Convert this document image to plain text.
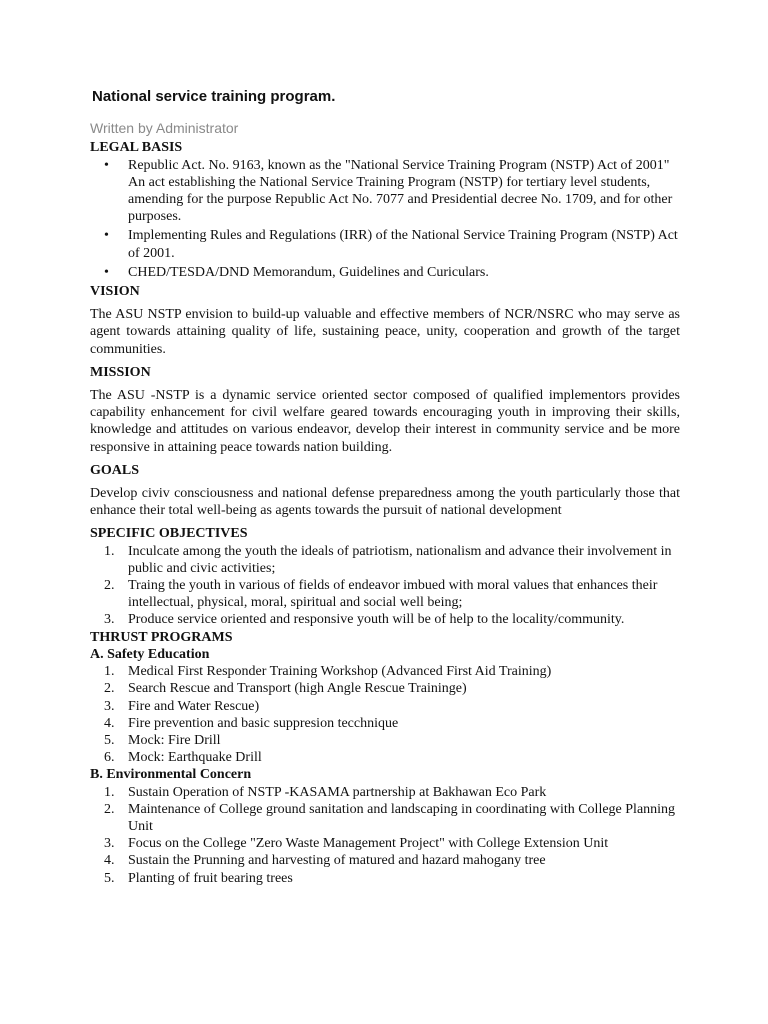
National service training program.
Written by Administrator
LEGAL BASIS
• Republic Act. No. 9163, known as the "National Service Training Program (NSTP) Act of 2001" An act establishing the National Service Training Program (NSTP) for tertiary level students, amending for the purpose Republic Act No. 7077 and Presidential decree No. 1709, and for other purposes.
• Implementing Rules and Regulations (IRR) of the National Service Training Program (NSTP) Act of 2001.
• CHED/TESDA/DND Memorandum, Guidelines and Curiculars.
VISION

The ASU NSTP envision to build-up valuable and effective members of NCR/NSRC who may serve as agent towards attaining quality of life, sustaining peace, unity, cooperation and growth of the target communities.

MISSION

The ASU -NSTP is a dynamic service oriented sector composed of qualified implementors provides capability enhancement for civil welfare geared towards encouraging youth in improving their skills, knowledge and attitudes on various endeavor, develop their interest in community service and be more responsive in attaining peace towards nation building.

GOALS

Develop civiv consciousness and national defense preparedness among the youth particularly those that enhance their total well-being as agents towards the pursuit of national development

SPECIFIC OBJECTIVES
1. Inculcate among the youth the ideals of patriotism, nationalism and advance their involvement in public and civic activities;
2. Traing the youth in various of fields of endeavor imbued with moral values that enhances their intellectual, physical, moral, spiritual and social well being;
3. Produce service oriented and responsive youth will be of help to the locality/community.
THRUST PROGRAMS
A. Safety Education
1. Medical First Responder Training Workshop (Advanced First Aid Training)
2. Search Rescue and Transport (high Angle Rescue Traininge)
3. Fire and Water Rescue)
4. Fire prevention and basic suppresion tecchnique
5. Mock: Fire Drill
6. Mock: Earthquake Drill
B. Environmental Concern
1. Sustain Operation of NSTP -KASAMA partnership at Bakhawan Eco Park
2. Maintenance of College ground sanitation and landscaping in coordinating with College Planning Unit
3. Focus on the College "Zero Waste Management Project" with College Extension Unit
4. Sustain the Prunning and harvesting of matured and hazard mahogany tree
5. Planting of fruit bearing trees
